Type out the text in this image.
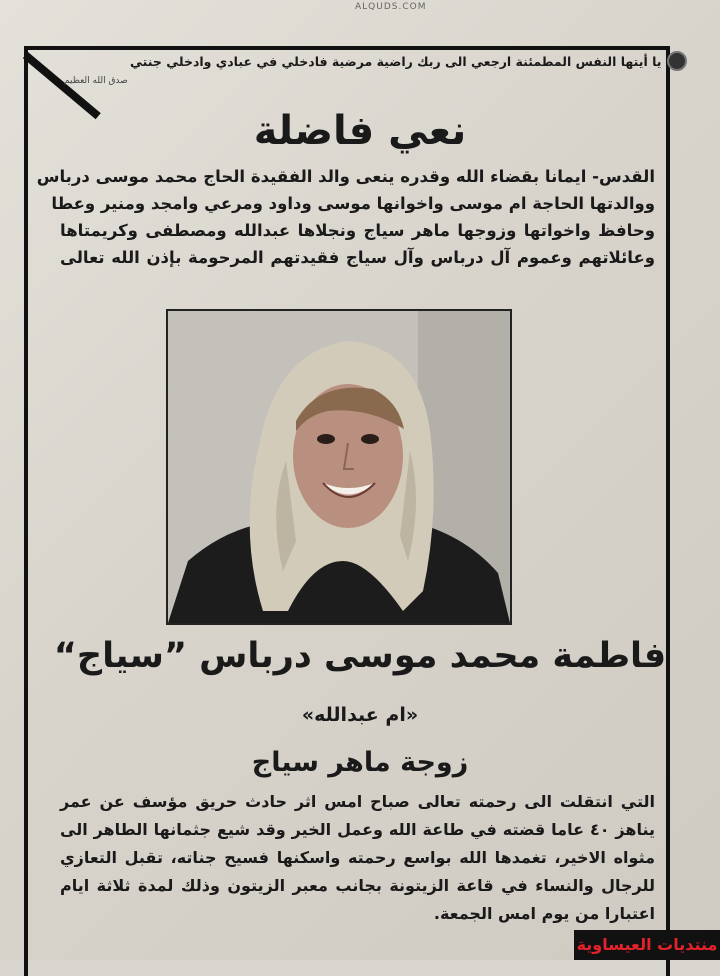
ALQUDS.COM
يا أيتها النفس المطمئنة ارجعي الى ربك راضية مرضية فادخلي في عبادي وادخلي جنتي
صدق الله العظيم
نعي فاضلة

القدس- ايمانا بقضاء الله وقدره ينعى والد الفقيدة الحاج محمد موسى درباس

ووالدتها الحاجة ام موسى واخوانها موسى وداود ومرعي وامجد ومنير وعطا

وحافظ واخواتها وزوجها ماهر سياج ونجلاها عبدالله ومصطفى وكريمتاها

وعائلاتهم وعموم آل درباس وآل سياج فقيدتهم المرحومة بإذن الله تعالى

فاطمة محمد موسى درباس ”سياج“
«ام عبدالله»
زوجة ماهر سياج

التي انتقلت الى رحمته تعالى صباح امس اثر حادث حريق مؤسف عن عمر

يناهز ٤٠ عاما قضته في طاعة الله وعمل الخير وقد شيع جثمانها الطاهر الى

مثواه الاخير، تغمدها الله بواسع رحمته واسكنها فسيح جناته، تقبل التعازي

للرجال والنساء في قاعة الزيتونة بجانب معبر الزيتون وذلك لمدة ثلاثة ايام

اعتبارا من يوم امس الجمعة.

منتديات العيساوية
